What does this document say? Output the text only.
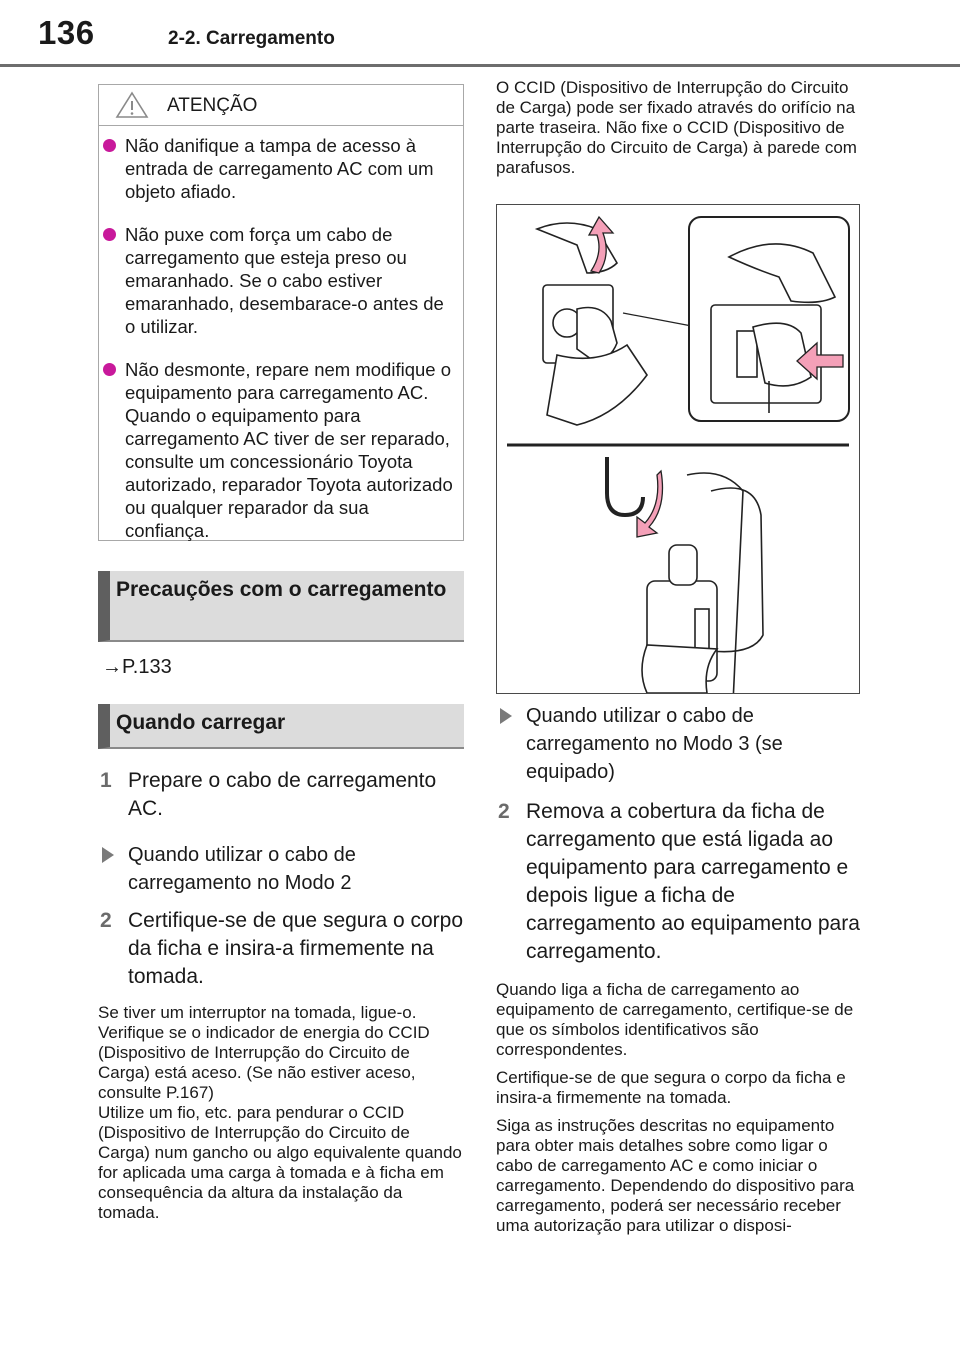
136	2-2. Carregamento
ATENÇÃO
Não danifique a tampa de acesso à entrada de carregamento AC com um objeto afiado.
Não puxe com força um cabo de carregamento que esteja preso ou emaranhado. Se o cabo estiver emaranhado, desembarace-o antes de o utilizar.
Não desmonte, repare nem modifique o equipamento para carregamento AC. Quando o equipamento para carregamento AC tiver de ser reparado, consulte um concessionário Toyota autorizado, reparador Toyota autorizado ou qualquer reparador da sua confiança.
Precauções com o carregamento
→P.133
Quando carregar
1 Prepare o cabo de carregamento AC.
Quando utilizar o cabo de carregamento no Modo 2
2 Certifique-se de que segura o corpo da ficha e insira-a firmemente na tomada.
Se tiver um interruptor na tomada, ligue-o. Verifique se o indicador de energia do CCID (Dispositivo de Interrupção do Circuito de Carga) está aceso. (Se não estiver aceso, consulte P.167)
Utilize um fio, etc. para pendurar o CCID (Dispositivo de Interrupção do Circuito de Carga) num gancho ou algo equivalente quando for aplicada uma carga à tomada e à ficha em consequência da altura da instalação da tomada.
O CCID (Dispositivo de Interrupção do Circuito de Carga) pode ser fixado através do orifício na parte traseira. Não fixe o CCID (Dispositivo de Interrupção do Circuito de Carga) à parede com parafusos.
Quando utilizar o cabo de carregamento no Modo 3 (se equipado)
2 Remova a cobertura da ficha de carregamento que está ligada ao equipamento para carregamento e depois ligue a ficha de carregamento ao equipamento para carregamento.
Quando liga a ficha de carregamento ao equipamento de carregamento, certifique-se de que os símbolos identificativos são correspondentes.
Certifique-se de que segura o corpo da ficha e insira-a firmemente na tomada.
Siga as instruções descritas no equipamento para obter mais detalhes sobre como ligar o cabo de carregamento AC e como iniciar o carregamento. Dependendo do dispositivo para carregamento, poderá ser necessário receber uma autorização para utilizar o disposi-
